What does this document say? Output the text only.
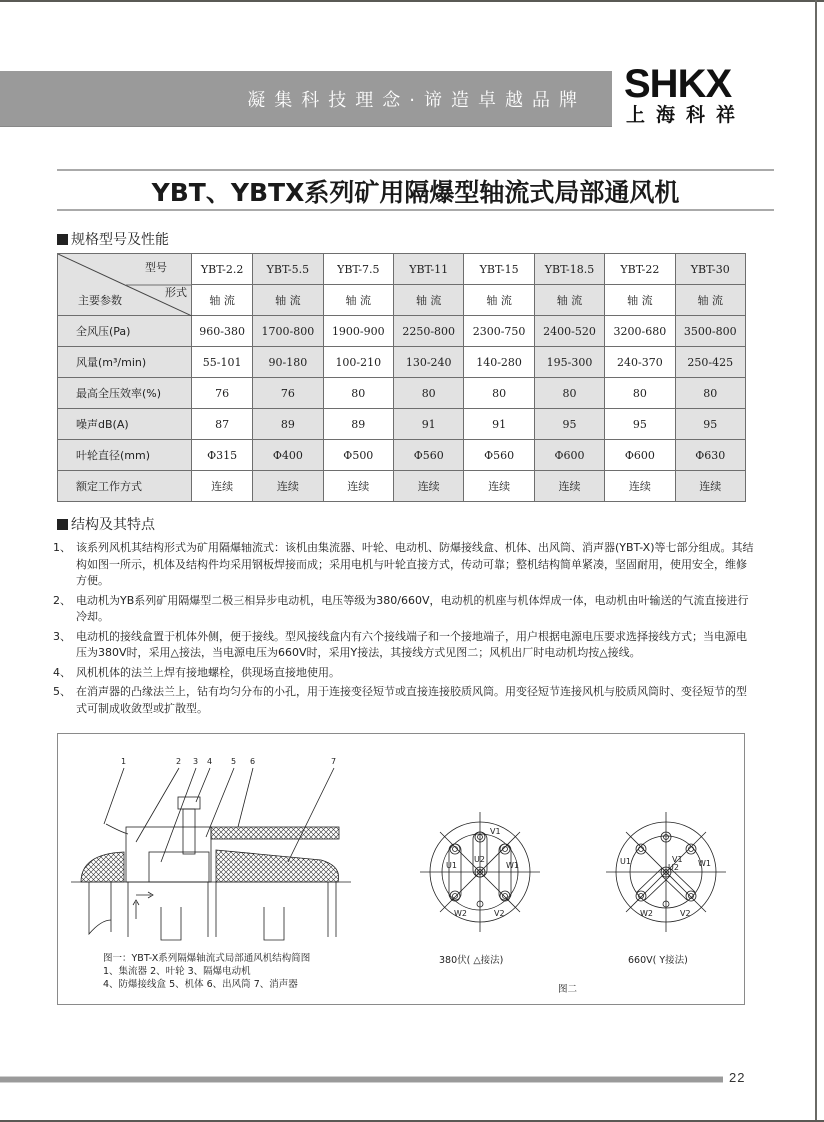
凝集科技理念·谛造卓越品牌 SHKX
上海科祥
YBT、YBTX系列矿用隔爆型轴流式局部通风机
规格型号及性能
型号
形式
主要参数	YBT-2.2	YBT-5.5	YBT-7.5	YBT-11	YBT-15	YBT-18.5	YBT-22	YBT-30
	轴 流	轴 流	轴 流	轴 流	轴 流	轴 流	轴 流	轴 流
全风压(Pa)	960-380	1700-800	1900-900	2250-800	2300-750	2400-520	3200-680	3500-800
风量(m³/min)	55-101	90-180	100-210	130-240	140-280	195-300	240-370	250-425
最高全压效率(%)	76	76	80	80	80	80	80	80
噪声dB(A)	87	89	89	91	91	95	95	95
叶轮直径(mm)	Φ315	Φ400	Φ500	Φ560	Φ560	Φ600	Φ600	Φ630
额定工作方式	连续	连续	连续	连续	连续	连续	连续	连续
结构及其特点
1、 该系列风机其结构形式为矿用隔爆轴流式：该机由集流器、叶轮、电动机、防爆接线盒、机体、出风筒、消声器(YBT-X)等七部分组成。其结构如图一所示，机体及结构件均采用钢板焊接而成；采用电机与叶轮直接方式，传动可靠；整机结构简单紧凑，坚固耐用，使用安全，维修方便。
2、 电动机为YB系列矿用隔爆型二极三相异步电动机，电压等级为380/660V，电动机的机座与机体焊成一体，电动机由叶输送的气流直接进行冷却。
3、 电动机的接线盒置于机体外侧，便于接线。型风接线盒内有六个接线端子和一个接地端子，用户根据电源电压要求选择接线方式；当电源电压为380V时，采用△接法，当电源电压为660V时，采用Y接法，其接线方式见图二；风机出厂时电动机均按△接线。
4、 风机机体的法兰上焊有接地螺栓，供现场直接地使用。
5、 在消声器的凸缘法兰上，钻有均匀分布的小孔，用于连接变径短节或直接连接胶质风筒。用变径短节连接风机与胶质风筒时、变径短节的型式可制成收敛型或扩散型。
1	2 3 4 5 6	7
图一：YBT-X系列隔爆轴流式局部通风机结构简图
1、集流器 2、叶轮 3、隔爆电动机
4、防爆接线盒 5、机体 6、出风筒 7、消声器
V1
U1
U2
W1
W2	V2
380伏( △接法)
V1
U1
U2 W1
W2	V2
660V( Y接法)
图二
22
